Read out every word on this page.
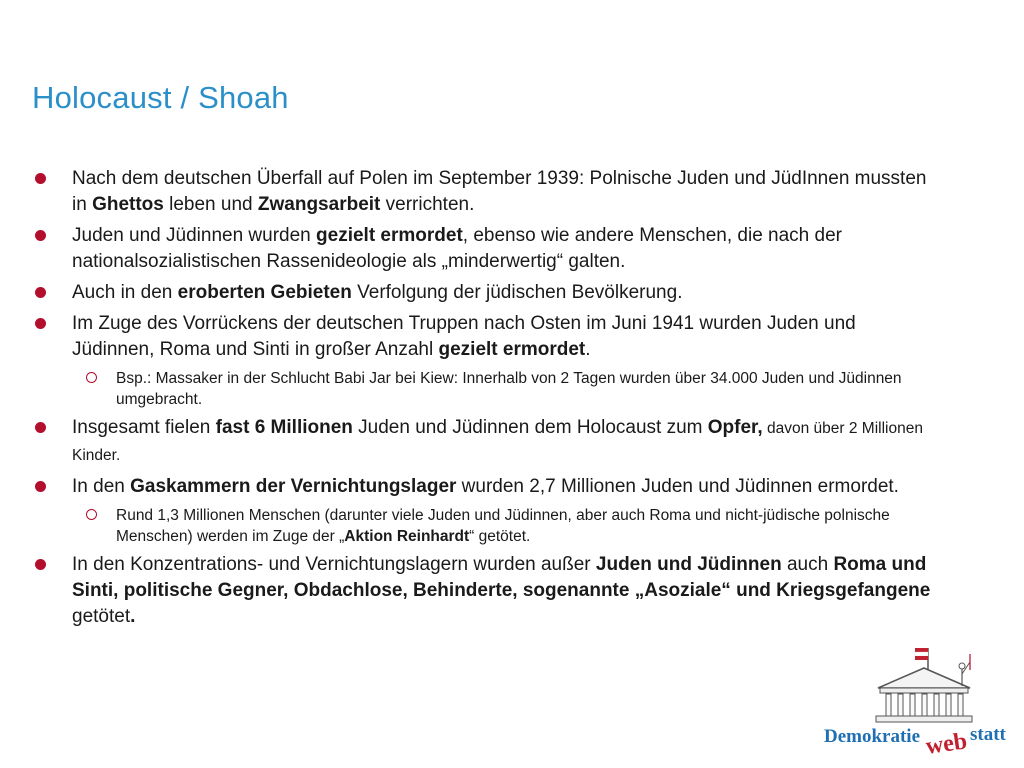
Holocaust / Shoah
Nach dem deutschen Überfall auf Polen im September 1939: Polnische Juden und JüdInnen mussten in Ghettos leben und Zwangsarbeit verrichten.
Juden und Jüdinnen wurden gezielt ermordet, ebenso wie andere Menschen, die nach der nationalsozialistischen Rassenideologie als „minderwertig“ galten.
Auch in den eroberten Gebieten Verfolgung der jüdischen Bevölkerung.
Im Zuge des Vorrückens der deutschen Truppen nach Osten im Juni 1941 wurden Juden und Jüdinnen, Roma und Sinti in großer Anzahl gezielt ermordet.
Bsp.: Massaker in der Schlucht Babi Jar bei Kiew: Innerhalb von 2 Tagen wurden über 34.000 Juden und Jüdinnen umgebracht.
Insgesamt fielen fast 6 Millionen Juden und Jüdinnen dem Holocaust zum Opfer, davon über 2 Millionen Kinder.
In den Gaskammern der Vernichtungslager wurden 2,7 Millionen Juden und Jüdinnen ermordet.
Rund 1,3 Millionen Menschen (darunter viele Juden und Jüdinnen, aber auch Roma und nicht-jüdische polnische Menschen) werden im Zuge der „Aktion Reinhardt“ getötet.
In den Konzentrations- und Vernichtungslagern wurden außer Juden und Jüdinnen auch Roma und Sinti, politische Gegner, Obdachlose, Behinderte, sogenannte „Asoziale“ und Kriegsgefangene getötet.
Demokratie web statt
